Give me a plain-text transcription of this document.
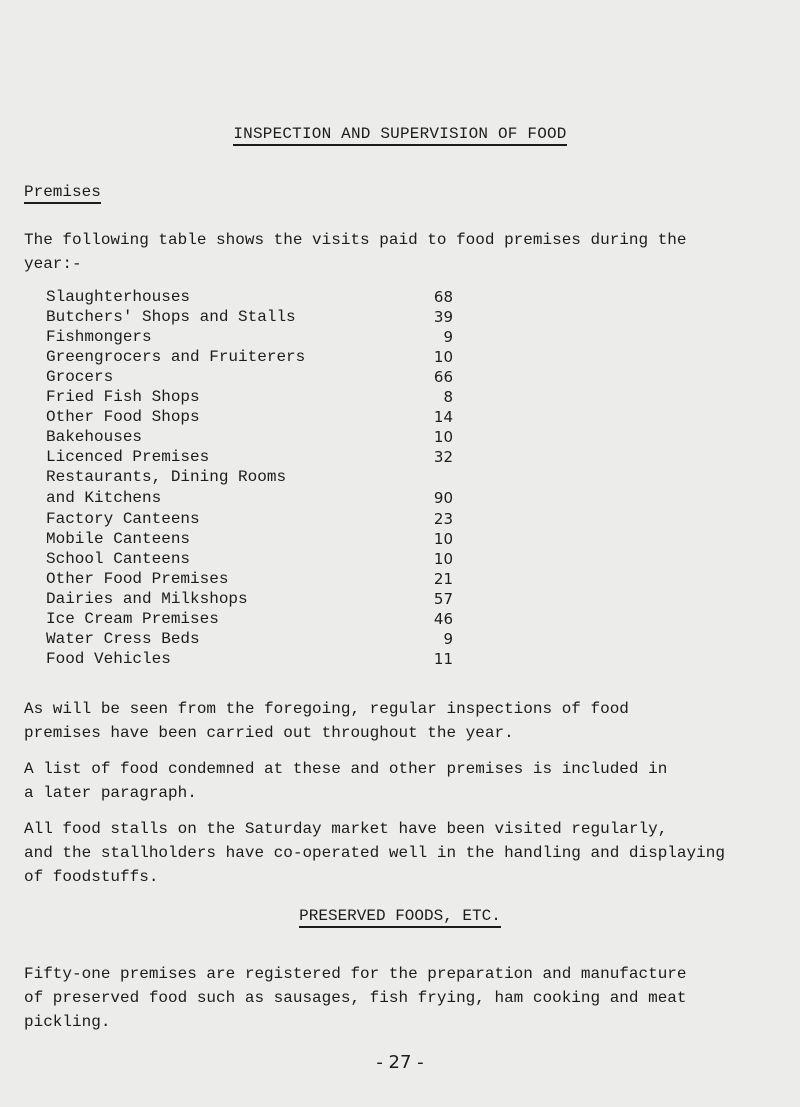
INSPECTION AND SUPERVISION OF FOOD
Premises
The following table shows the visits paid to food premises during the
year:-
Slaughterhouses	68
Butchers' Shops and Stalls	39
Fishmongers	9
Greengrocers and Fruiterers	10
Grocers	66
Fried Fish Shops	8
Other Food Shops	14
Bakehouses	10
Licenced Premises	32
Restaurants, Dining Rooms
and Kitchens	90
Factory Canteens	23
Mobile Canteens	10
School Canteens	10
Other Food Premises	21
Dairies and Milkshops	57
Ice Cream Premises	46
Water Cress Beds	9
Food Vehicles	11
As will be seen from the foregoing, regular inspections of food
premises have been carried out throughout the year.
A list of food condemned at these and other premises is included in
a later paragraph.
All food stalls on the Saturday market have been visited regularly,
and the stallholders have co-operated well in the handling and displaying
of foodstuffs.
PRESERVED FOODS, ETC.
Fifty-one premises are registered for the preparation and manufacture
of preserved food such as sausages, fish frying, ham cooking and meat
pickling.
- 27 -
